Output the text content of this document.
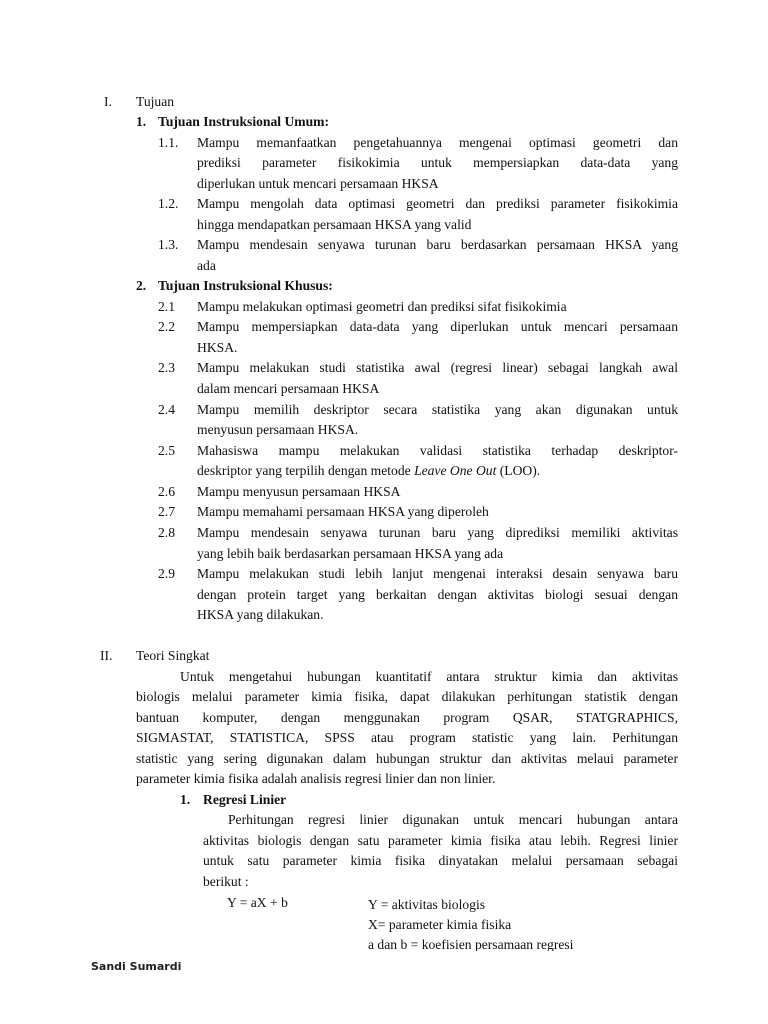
I. Tujuan
1. Tujuan Instruksional Umum:
1.1. Mampu memanfaatkan pengetahuannya mengenai optimasi geometri dan
prediksi parameter fisikokimia untuk mempersiapkan data-data yang
diperlukan untuk mencari persamaan HKSA
1.2. Mampu mengolah data optimasi geometri dan prediksi parameter fisikokimia
hingga mendapatkan persamaan HKSA yang valid
1.3. Mampu mendesain senyawa turunan baru berdasarkan persamaan HKSA yang
ada
2. Tujuan Instruksional Khusus:
2.1 Mampu melakukan optimasi geometri dan prediksi sifat fisikokimia
2.2 Mampu mempersiapkan data-data yang diperlukan untuk mencari persamaan
HKSA.
2.3 Mampu melakukan studi statistika awal (regresi linear) sebagai langkah awal
dalam mencari persamaan HKSA
2.4 Mampu memilih deskriptor secara statistika yang akan digunakan untuk
menyusun persamaan HKSA.
2.5 Mahasiswa mampu melakukan validasi statistika terhadap deskriptor-
deskriptor yang terpilih dengan metode Leave One Out (LOO).
2.6 Mampu menyusun persamaan HKSA
2.7 Mampu memahami persamaan HKSA yang diperoleh
2.8 Mampu mendesain senyawa turunan baru yang diprediksi memiliki aktivitas
yang lebih baik berdasarkan persamaan HKSA yang ada
2.9 Mampu melakukan studi lebih lanjut mengenai interaksi desain senyawa baru
dengan protein target yang berkaitan dengan aktivitas biologi sesuai dengan
HKSA yang dilakukan.
II. Teori Singkat
Untuk mengetahui hubungan kuantitatif antara struktur kimia dan aktivitas
biologis melalui parameter kimia fisika, dapat dilakukan perhitungan statistik dengan
bantuan komputer, dengan menggunakan program QSAR, STATGRAPHICS,
SIGMASTAT, STATISTICA, SPSS atau program statistic yang lain. Perhitungan
statistic yang sering digunakan dalam hubungan struktur dan aktivitas melaui parameter
parameter kimia fisika adalah analisis regresi linier dan non linier.
1. Regresi Linier
Perhitungan regresi linier digunakan untuk mencari hubungan antara
aktivitas biologis dengan satu parameter kimia fisika atau lebih. Regresi linier
untuk satu parameter kimia fisika dinyatakan melalui persamaan sebagai
berikut :
Y = aX + b	Y = aktivitas biologis
X= parameter kimia fisika
a dan b = koefisien persamaan regresi
Sandi Sumardi
